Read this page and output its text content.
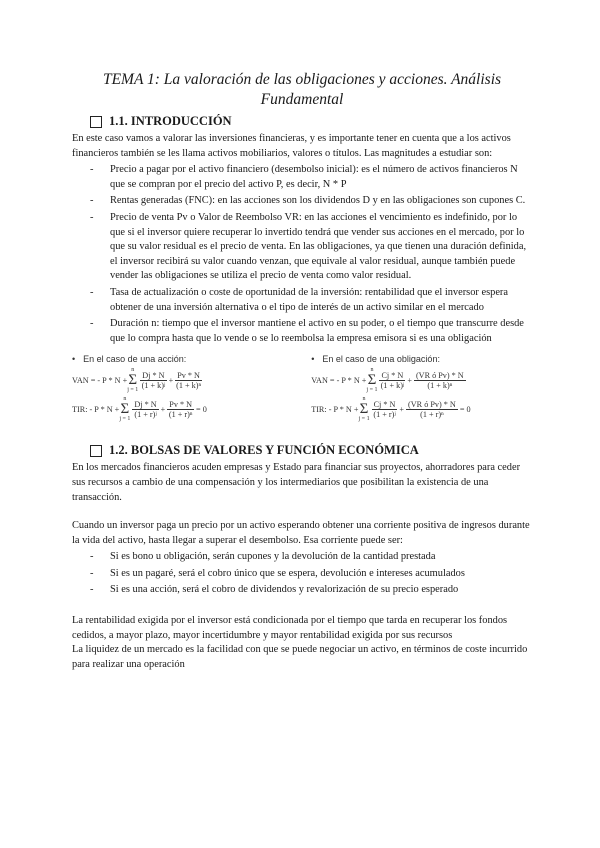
TEMA 1: La valoración de las obligaciones y acciones. Análisis
Fundamental
1.1. INTRODUCCIÓN

En este caso vamos a valorar las inversiones financieras, y es importante tener en cuenta que a los activos financieros también se les llama activos mobiliarios, valores o títulos. Las magnitudes a estudiar son:

- Precio a pagar por el activo financiero (desembolso inicial): es el número de activos financieros N que se compran por el precio del activo P, es decir, N * P
- Rentas generadas (FNC): en las acciones son los dividendos D y en las obligaciones son cupones C.
- Precio de venta Pv o Valor de Reembolso VR: en las acciones el vencimiento es indefinido, por lo que si el inversor quiere recuperar lo invertido tendrá que vender sus acciones en el mercado, por lo que su valor residual es el precio de venta. En las obligaciones, ya que tienen una duración definida, el inversor recibirá su valor cuando venzan, que equivale al valor residual, aunque también puede vender las obligaciones se utiliza el precio de venta como valor residual.
- Tasa de actualización o coste de oportunidad de la inversión: rentabilidad que el inversor espera obtener de una inversión alternativa o el tipo de interés de un activo similar en el mercado
- Duración n: tiempo que el inversor mantiene el activo en su poder, o el tiempo que transcurre desde que lo compra hasta que lo vende o se lo reembolsa la empresa emisora si es una obligación
• En el caso de una acción:
VAN =
- P * N +
n
Σ
j = 1
$\frac{Dj * N}{\text{(1 + k)ʲ}} + \frac{Pv * N}{\text{(1 + k)ⁿ}}$
TIR:
- P * N +
n
Σ
j = 1
$\frac{Dj * N}{\text{(1 + r)ʲ}} + \frac{Pv * N}{\text{(1 + r)ⁿ}} = 0$
• En el caso de una obligación:
VAN =
- P * N +
n
Σ
j = 1
$\frac{Cj * N}{\text{(1 + k)ʲ}} + \frac{\text{(VR ó Pv) * N}}{\text{(1 + k)ⁿ}}$
TIR:
- P * N +
n
Σ
j = 1
$\frac{Cj * N}{\text{(1 + r)ʲ}} + \frac{\text{(VR ó Pv) * N}}{\text{(1 + r)ⁿ}} = 0$
1.2. BOLSAS DE VALORES Y FUNCIÓN ECONÓMICA

En los mercados financieros acuden empresas y Estado para financiar sus proyectos, ahorradores para ceder sus recursos a cambio de una compensación y los intermediarios que posibilitan la existencia de una transacción.

Cuando un inversor paga un precio por un activo esperando obtener una corriente positiva de ingresos durante la vida del activo, hasta llegar a superar el desembolso. Esa corriente puede ser:

- Si es bono u obligación, serán cupones y la devolución de la cantidad prestada
- Si es un pagaré, será el cobro único que se espera, devolución e intereses acumulados
- Si es una acción, será el cobro de dividendos y revalorización de su precio esperado

La rentabilidad exigida por el inversor está condicionada por el tiempo que tarda en recuperar los fondos cedidos, a mayor plazo, mayor incertidumbre y mayor rentabilidad exigida por sus recursos

La liquidez de un mercado es la facilidad con que se puede negociar un activo, en términos de coste incurrido para realizar una operación
